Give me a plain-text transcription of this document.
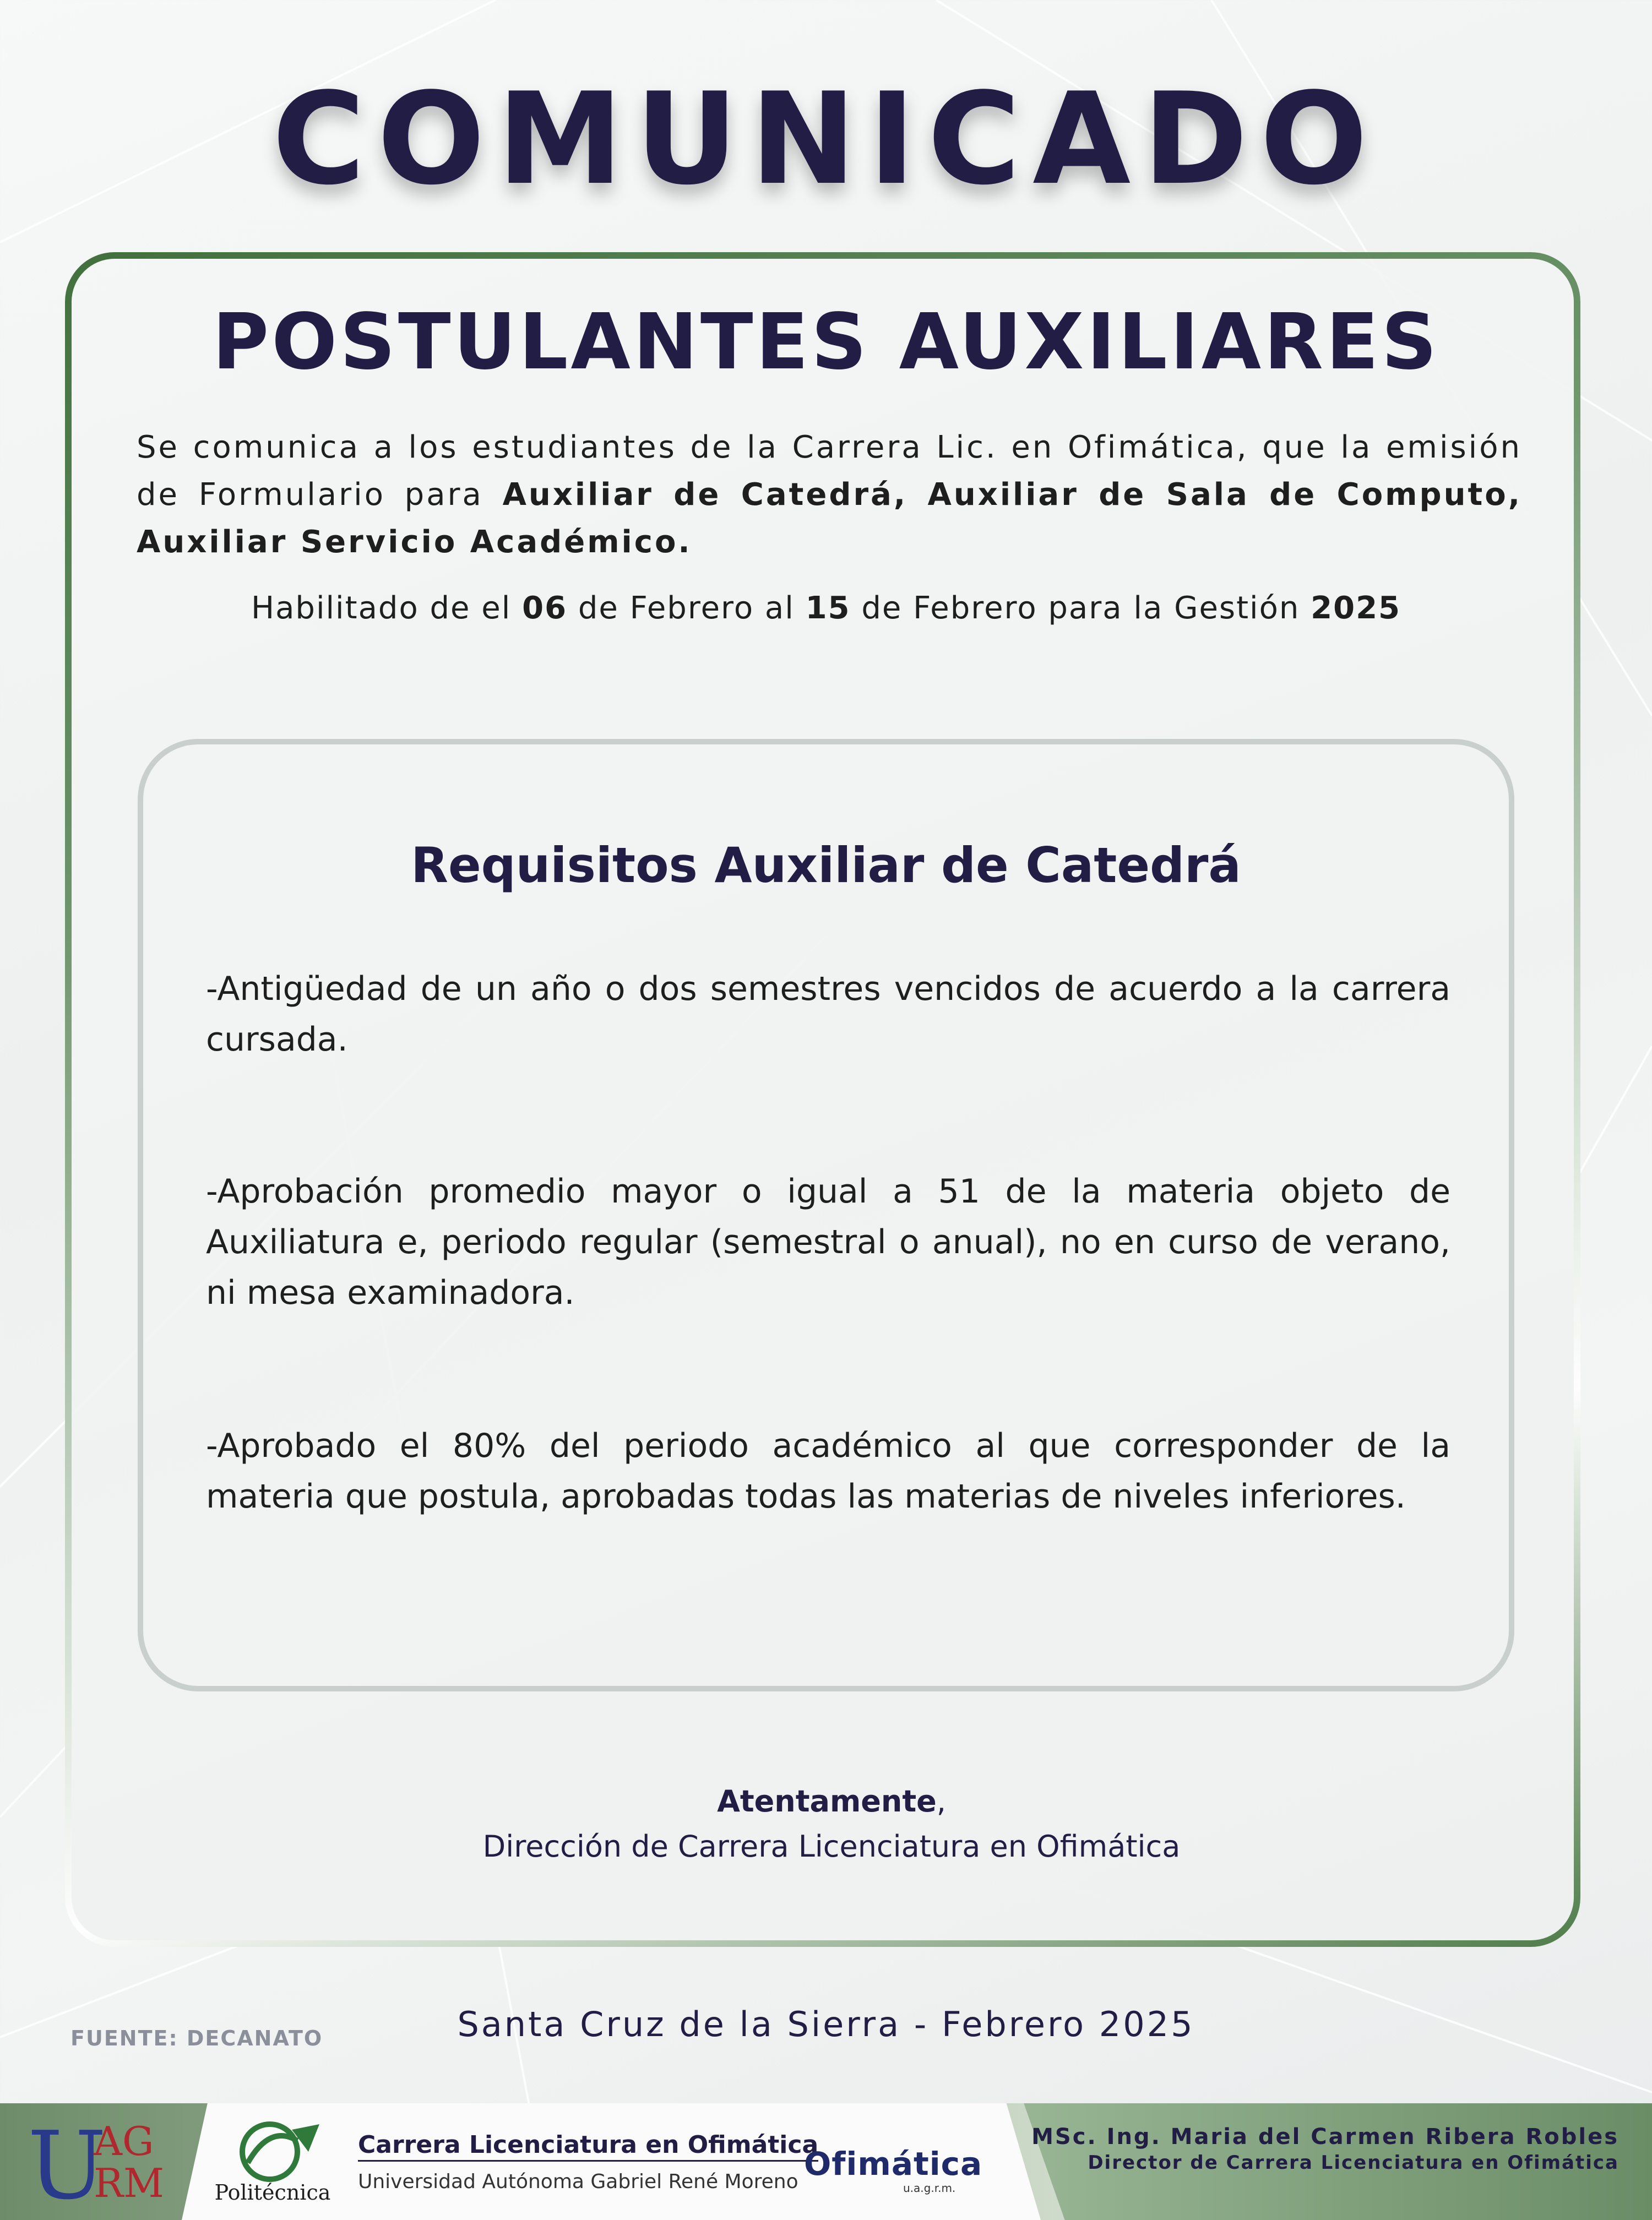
COMUNICADO
POSTULANTES AUXILIARES
Se comunica a los estudiantes de la Carrera Lic. en Ofimática, que la emisión de Formulario para Auxiliar de Catedrá, Auxiliar de Sala de Computo, Auxiliar Servicio Académico.
Habilitado de el 06 de Febrero al 15 de Febrero para la Gestión 2025
Requisitos Auxiliar de Catedrá
-Antigüedad de un año o dos semestres vencidos de acuerdo a la carrera cursada.
-Aprobación promedio mayor o igual a 51 de la materia objeto de Auxiliatura e, periodo regular (semestral o anual), no en curso de verano, ni mesa examinadora.
-Aprobado el 80% del periodo académico al que corresponder de la materia que postula, aprobadas todas las materias de niveles inferiores.
Atentamente,
Dirección de Carrera Licenciatura en Ofimática
Santa Cruz de la Sierra - Febrero 2025
FUENTE: DECANATO
U
AG
RM Politécnica
Carrera Licenciatura en Ofimática
Universidad Autónoma Gabriel René Moreno Ofimática
u.a.g.r.m.
MSc. Ing. Maria del Carmen Ribera Robles
Director de Carrera Licenciatura en Ofimática
